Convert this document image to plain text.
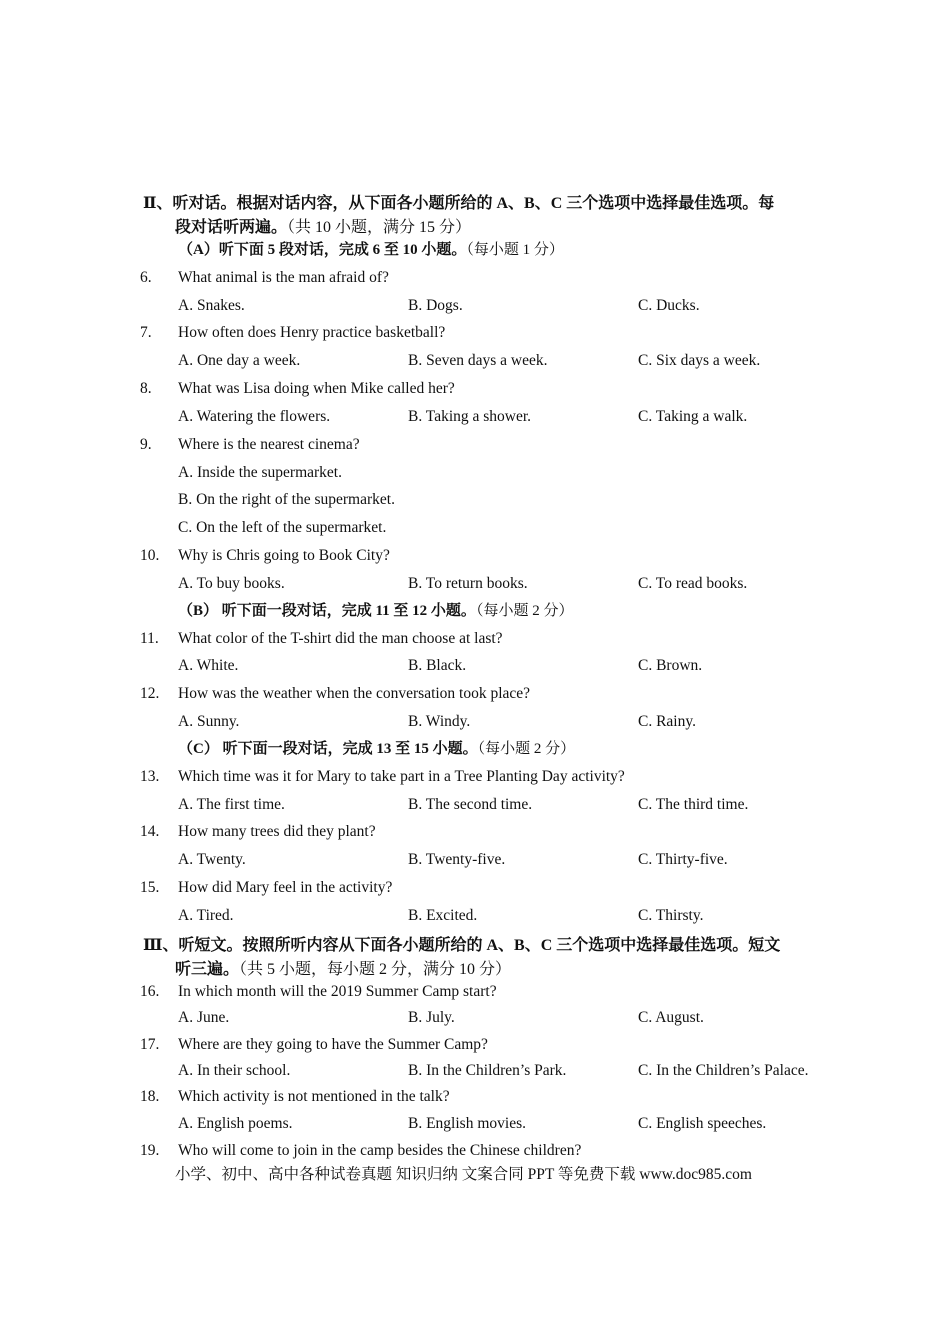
Ⅱ、听对话。根据对话内容，从下面各小题所给的 A、B、C 三个选项中选择最佳选项。每
段对话听两遍。（共 10 小题，满分 15 分）
（A）听下面 5 段对话，完成 6 至 10 小题。（每小题 1 分）
6. What animal is the man afraid of?
A. Snakes.	B. Dogs.	C. Ducks.
7. How often does Henry practice basketball?
A. One day a week.	B. Seven days a week.	C. Six days a week.
8. What was Lisa doing when Mike called her?
A. Watering the flowers.	B. Taking a shower.	C. Taking a walk.
9. Where is the nearest cinema?
A. Inside the supermarket.
B. On the right of the supermarket.
C. On the left of the supermarket.
10. Why is Chris going to Book City?
A. To buy books.	B. To return books.	C. To read books.
（B） 听下面一段对话，完成 11 至 12 小题。（每小题 2 分）
11. What color of the T-shirt did the man choose at last?
A. White.	B. Black.	C. Brown.
12. How was the weather when the conversation took place?
A. Sunny.	B. Windy.	C. Rainy.
（C） 听下面一段对话，完成 13 至 15 小题。（每小题 2 分）
13. Which time was it for Mary to take part in a Tree Planting Day activity?
A. The first time.	B. The second time.	C. The third time.
14. How many trees did they plant?
A. Twenty.	B. Twenty-five.	C. Thirty-five.
15. How did Mary feel in the activity?
A. Tired.	B. Excited.	C. Thirsty.
Ⅲ、听短文。按照所听内容从下面各小题所给的 A、B、C 三个选项中选择最佳选项。短文
听三遍。（共 5 小题，每小题 2 分，满分 10 分）
16. In which month will the 2019 Summer Camp start?
A. June.	B. July.	C. August.
17. Where are they going to have the Summer Camp?
A. In their school.	B. In the Children’s Park.	C. In the Children’s Palace.
18. Which activity is not mentioned in the talk?
A. English poems.	B. English movies.	C. English speeches.
19. Who will come to join in the camp besides the Chinese children?
小学、初中、高中各种试卷真题 知识归纳 文案合同 PPT 等免费下载 www.doc985.com
